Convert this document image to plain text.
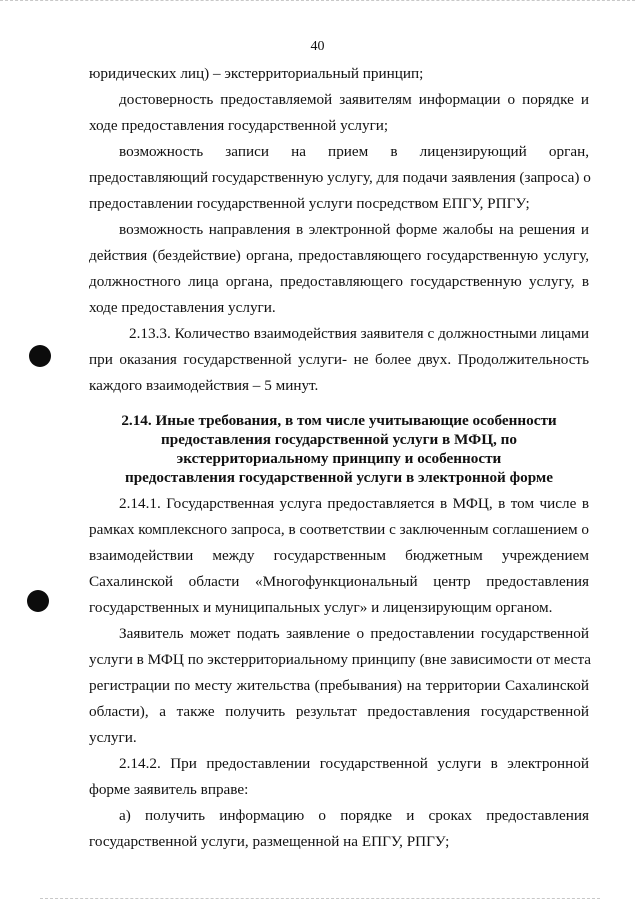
40
юридических лиц) – экстерриториальный принцип;
достоверность предоставляемой заявителям информации о порядке и
ходе предоставления государственной услуги;
возможность записи на прием в лицензирующий орган,
предоставляющий государственную услугу, для подачи заявления (запроса) о
предоставлении государственной услуги посредством ЕПГУ, РПГУ;
возможность направления в электронной форме жалобы на решения и
действия (бездействие) органа, предоставляющего государственную услугу,
должностного лица органа, предоставляющего государственную услугу, в
ходе предоставления услуги.
2.13.3. Количество взаимодействия заявителя с должностными лицами
при оказания государственной услуги- не более двух. Продолжительность
каждого взаимодействия – 5 минут.
2.14. Иные требования, в том числе учитывающие особенности
предоставления государственной услуги в МФЦ, по
экстерриториальному принципу и особенности
предоставления государственной услуги в электронной форме
2.14.1. Государственная услуга предоставляется в МФЦ, в том числе в
рамках комплексного запроса, в соответствии с заключенным соглашением о
взаимодействии между государственным бюджетным учреждением
Сахалинской области «Многофункциональный центр предоставления
государственных и муниципальных услуг» и лицензирующим органом.
Заявитель может подать заявление о предоставлении государственной
услуги в МФЦ по экстерриториальному принципу (вне зависимости от места
регистрации по месту жительства (пребывания) на территории Сахалинской
области), а также получить результат предоставления государственной
услуги.
2.14.2. При предоставлении государственной услуги в электронной
форме заявитель вправе:
а) получить информацию о порядке и сроках предоставления
государственной услуги, размещенной на ЕПГУ, РПГУ;
